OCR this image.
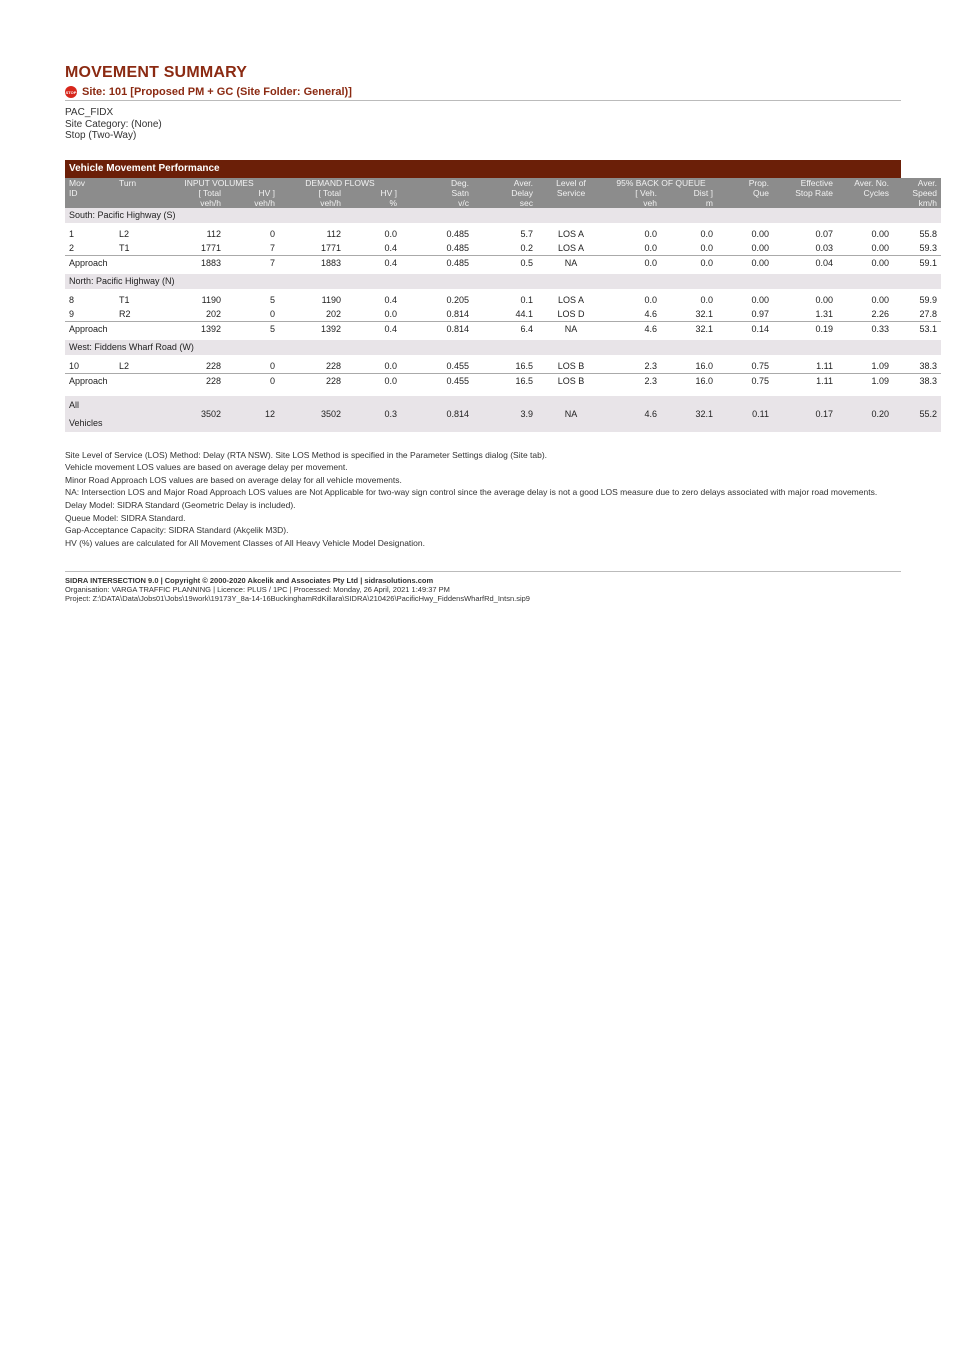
MOVEMENT SUMMARY
STOP Site: 101 [Proposed PM + GC (Site Folder: General)]
PAC_FIDX
Site Category: (None)
Stop (Two-Way)
Vehicle Movement Performance
Mov	Turn	INPUT VOLUMES		DEMAND FLOWS		Deg.	Aver.	Level of	95% BACK OF QUEUE		Prop.	Effective	Aver. No.	Aver.
ID		[ Total	HV ]	[ Total	HV ]	Satn	Delay	Service	[ Veh.	Dist ]	Que	Stop Rate	Cycles	Speed
		veh/h	veh/h	veh/h	%	v/c	sec		veh	m				km/h
South: Pacific Highway (S)														

1	L2	112	0	112	0.0	0.485	5.7	LOS A	0.0	0.0	0.00	0.07	0.00	55.8
2	T1	1771	7	1771	0.4	0.485	0.2	LOS A	0.0	0.0	0.00	0.03	0.00	59.3
Approach		1883	7	1883	0.4	0.485	0.5	NA	0.0	0.0	0.00	0.04	0.00	59.1

North: Pacific Highway (N)														

8	T1	1190	5	1190	0.4	0.205	0.1	LOS A	0.0	0.0	0.00	0.00	0.00	59.9
9	R2	202	0	202	0.0	0.814	44.1	LOS D	4.6	32.1	0.97	1.31	2.26	27.8
Approach		1392	5	1392	0.4	0.814	6.4	NA	4.6	32.1	0.14	0.19	0.33	53.1

West: Fiddens Wharf Road (W)														

10	L2	228	0	228	0.0	0.455	16.5	LOS B	2.3	16.0	0.75	1.11	1.09	38.3
Approach		228	0	228	0.0	0.455	16.5	LOS B	2.3	16.0	0.75	1.11	1.09	38.3

All Vehicles		3502	12	3502	0.3	0.814	3.9	NA	4.6	32.1	0.11	0.17	0.20	55.2
Site Level of Service (LOS) Method: Delay (RTA NSW). Site LOS Method is specified in the Parameter Settings dialog (Site tab).
Vehicle movement LOS values are based on average delay per movement.
Minor Road Approach LOS values are based on average delay for all vehicle movements.
NA: Intersection LOS and Major Road Approach LOS values are Not Applicable for two-way sign control since the average delay is not a good LOS measure due to zero delays associated with major road movements.
Delay Model: SIDRA Standard (Geometric Delay is included).
Queue Model: SIDRA Standard.
Gap-Acceptance Capacity: SIDRA Standard (Akçelik M3D).
HV (%) values are calculated for All Movement Classes of All Heavy Vehicle Model Designation.
SIDRA INTERSECTION 9.0 | Copyright © 2000-2020 Akcelik and Associates Pty Ltd | sidrasolutions.com
Organisation: VARGA TRAFFIC PLANNING | Licence: PLUS / 1PC | Processed: Monday, 26 April, 2021 1:49:37 PM
Project: Z:\DATA\Data\Jobs01\Jobs\19work\19173Y_8a-14-16BuckinghamRdKillara\SIDRA\210426\PacificHwy_FiddensWharfRd_Intsn.sip9
